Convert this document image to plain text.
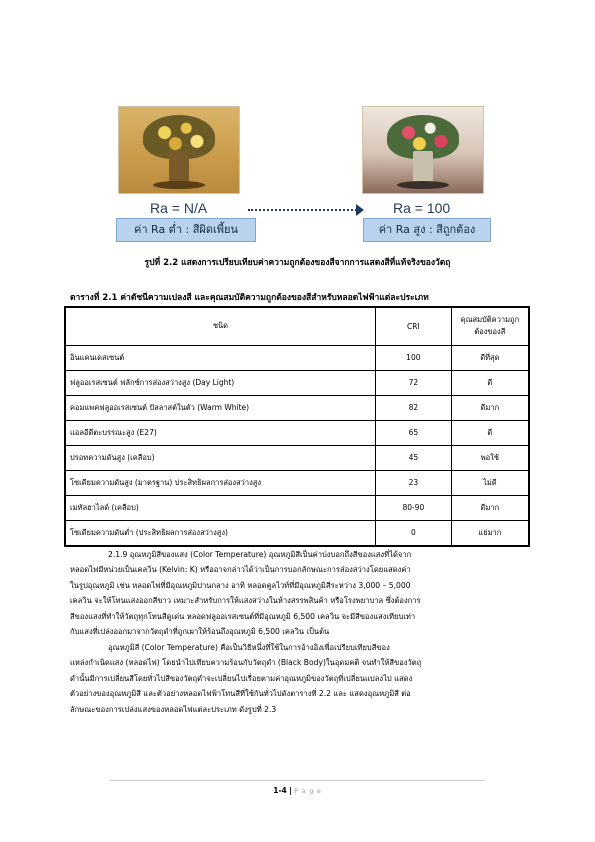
Ra = N/A	Ra = 100
ค่า Ra ต่ำ : สีผิดเพี้ยน	ค่า Ra สูง : สีถูกต้อง
รูปที่ 2.2 แสดงการเปรียบเทียบค่าความถูกต้องของสีจากการแสดงสีที่แท้จริงของวัตถุ
ตารางที่ 2.1 ค่าดัชนีความเปลงสี และคุณสมบัติความถูกต้องของสีสำหรับหลอดไฟฟ้าแต่ละประเภท
ชนิด	CRI	คุณสมบัติความถูกต้องของสี
อินแคนเดสเซนต์	100	ดีที่สุด
ฟลูออเรสเซนต์ ฟลักซ์การส่องสว่างสูง (Day Light)	72	ดี
คอมแพคฟลูออเรสเซนต์ ปัลลาสต์ในตัว (Warm White)	82	ดีมาก
แอลอีดีตะบรรณะสูง (E27)	65	ดี
ปรอทความดันสูง (เคลือบ)	45	พอใช้
โซเดียมความดันสูง (มาตรฐาน) ประสิทธิผลการส่องสว่างสูง	23	ไม่ดี
เมทัลฮาไลด์ (เคลือบ)	80-90	ดีมาก
โซเดียมความดันต่ำ (ประสิทธิผลการส่องสว่างสูง)	0	แย่มาก
2.1.9 อุณหภูมิสีของแสง (Color Temperature) อุณหภูมิสีเป็นค่าบ่งบอกถึงสีของแสงที่ได้จาก
หลอดไฟมีหน่วยเป็นเคลวิน (Kelvin: K) หรืออาจกล่าวได้ว่าเป็นการบอกลักษณะการส่องสว่างโดยแสดงค่า
ในรูปอุณหภูมิ เช่น หลอดไฟที่มีอุณหภูมิปานกลาง อาทิ หลอดคูลไวท์ที่มีอุณหภูมิสีระหว่าง 3,000 – 5,000
เคลวิน จะให้โทนแสงออกสีขาว เหมาะสำหรับการให้แสงสว่างในห้างสรรพสินค้า หรือโรงพยาบาล ซึ่งต้องการ
สีของแสงที่ทำให้วัตถุทุกโทนสีดูเด่น หลอดฟลูออเรสเซนต์ที่มีอุณหภูมิ 6,500 เคลวิน จะมีสีของแสงเทียบเท่า
กับแสงที่เปล่งออกมาจากวัตถุดำที่ถูกเผาให้ร้อนถึงอุณหภูมิ 6,500 เคลวิน เป็นต้น
อุณหภูมิสี (Color Temperature) คือเป็นวิธีหนึ่งที่ใช้ในการอ้างอิงเพื่อเปรียบเทียบสีของ
แหล่งกำเนิดแสง (หลอดไฟ) โดยนำไปเทียบความร้อนกับวัตถุดำ (Black Body)ในอุดมคติ จนทำให้สีของวัตถุ
ดำนั้นมีการเปลี่ยนสีโดยทั่วไปสีของวัตถุดำจะเปลี่ยนไปเรื่อยตามค่าอุณหภูมิของวัตถุที่เปลี่ยนแปลงไป แสดง
ตัวอย่างของอุณหภูมิสี และตัวอย่างหลอดไฟฟ้าโทนสีที่ใช้กันทั่วไปดังตารางที่ 2.2 และ แสดงอุณหภูมิสี ต่อ
ลักษณะของการเปล่งแสงของหลอดไฟแต่ละประเภท ดังรูปที่ 2.3
1-4 | P a g e
